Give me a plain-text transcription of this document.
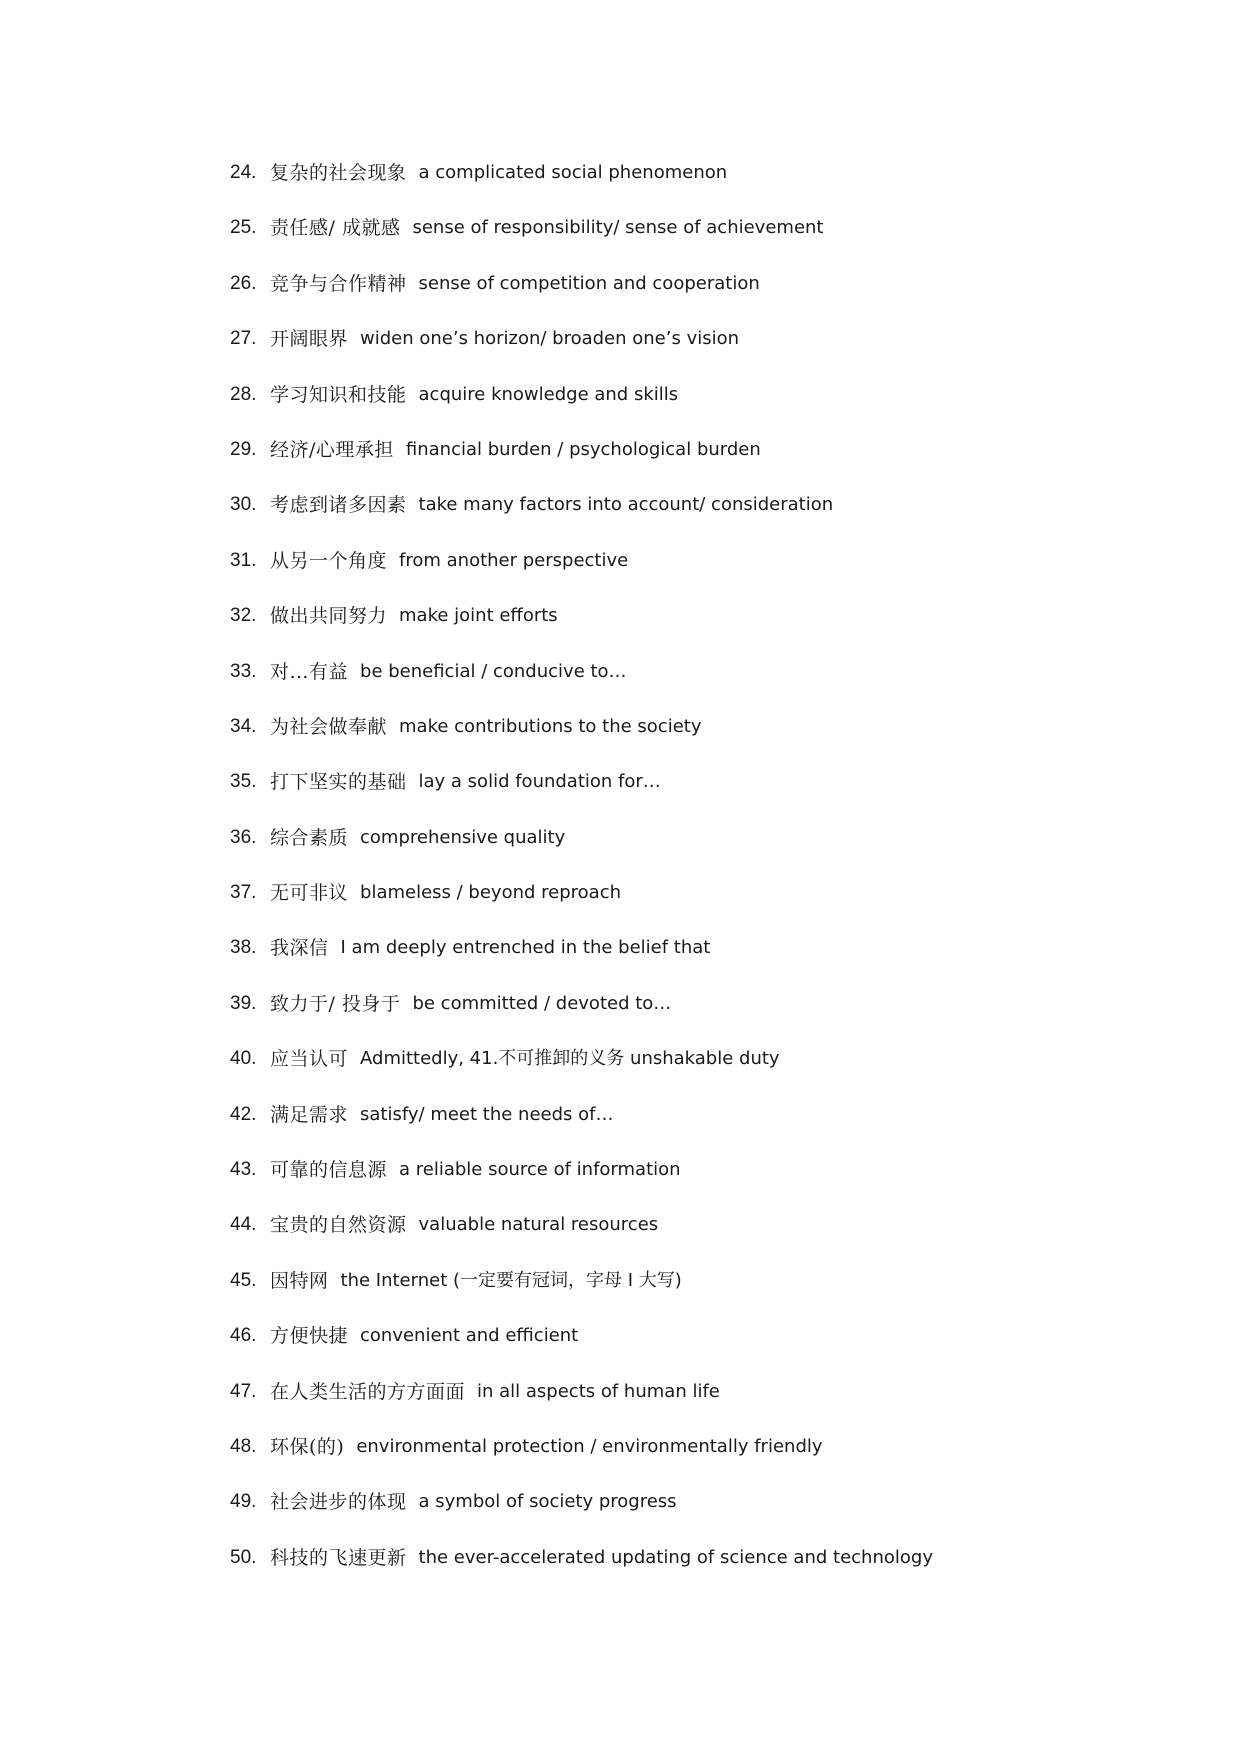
24. 复杂的社会现象 a complicated social phenomenon
25. 责任感/ 成就感 sense of responsibility/ sense of achievement
26. 竞争与合作精神 sense of competition and cooperation
27. 开阔眼界 widen one’s horizon/ broaden one’s vision
28. 学习知识和技能 acquire knowledge and skills
29. 经济/心理承担 financial burden / psychological burden
30. 考虑到诸多因素 take many factors into account/ consideration
31. 从另一个角度 from another perspective
32. 做出共同努力 make joint efforts
33. 对…有益 be beneficial / conducive to…
34. 为社会做奉献 make contributions to the society
35. 打下坚实的基础 lay a solid foundation for…
36. 综合素质 comprehensive quality
37. 无可非议 blameless / beyond reproach
38. 我深信 I am deeply entrenched in the belief that
39. 致力于/ 投身于 be committed / devoted to…
40. 应当认可 Admittedly, 41.不可推卸的义务 unshakable duty
42. 满足需求 satisfy/ meet the needs of…
43. 可靠的信息源 a reliable source of information
44. 宝贵的自然资源 valuable natural resources
45. 因特网 the Internet (一定要有冠词，字母 I 大写)
46. 方便快捷 convenient and efficient
47. 在人类生活的方方面面 in all aspects of human life
48. 环保(的) environmental protection / environmentally friendly
49. 社会进步的体现 a symbol of society progress
50. 科技的飞速更新 the ever-accelerated updating of science and technology
